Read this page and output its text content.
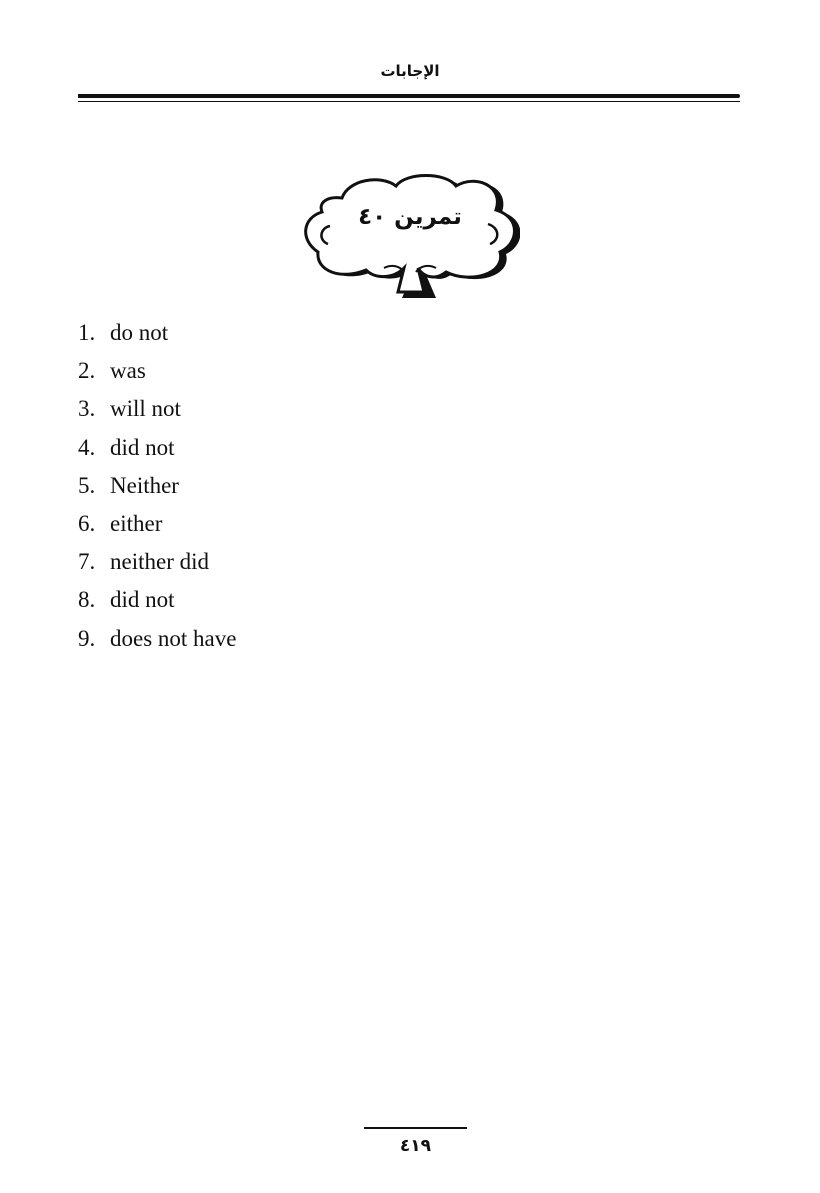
الإجابات
تمرين ٤٠
1. do not
2. was
3. will not
4. did not
5. Neither
6. either
7. neither did
8. did not
9. does not have
٤١٩
